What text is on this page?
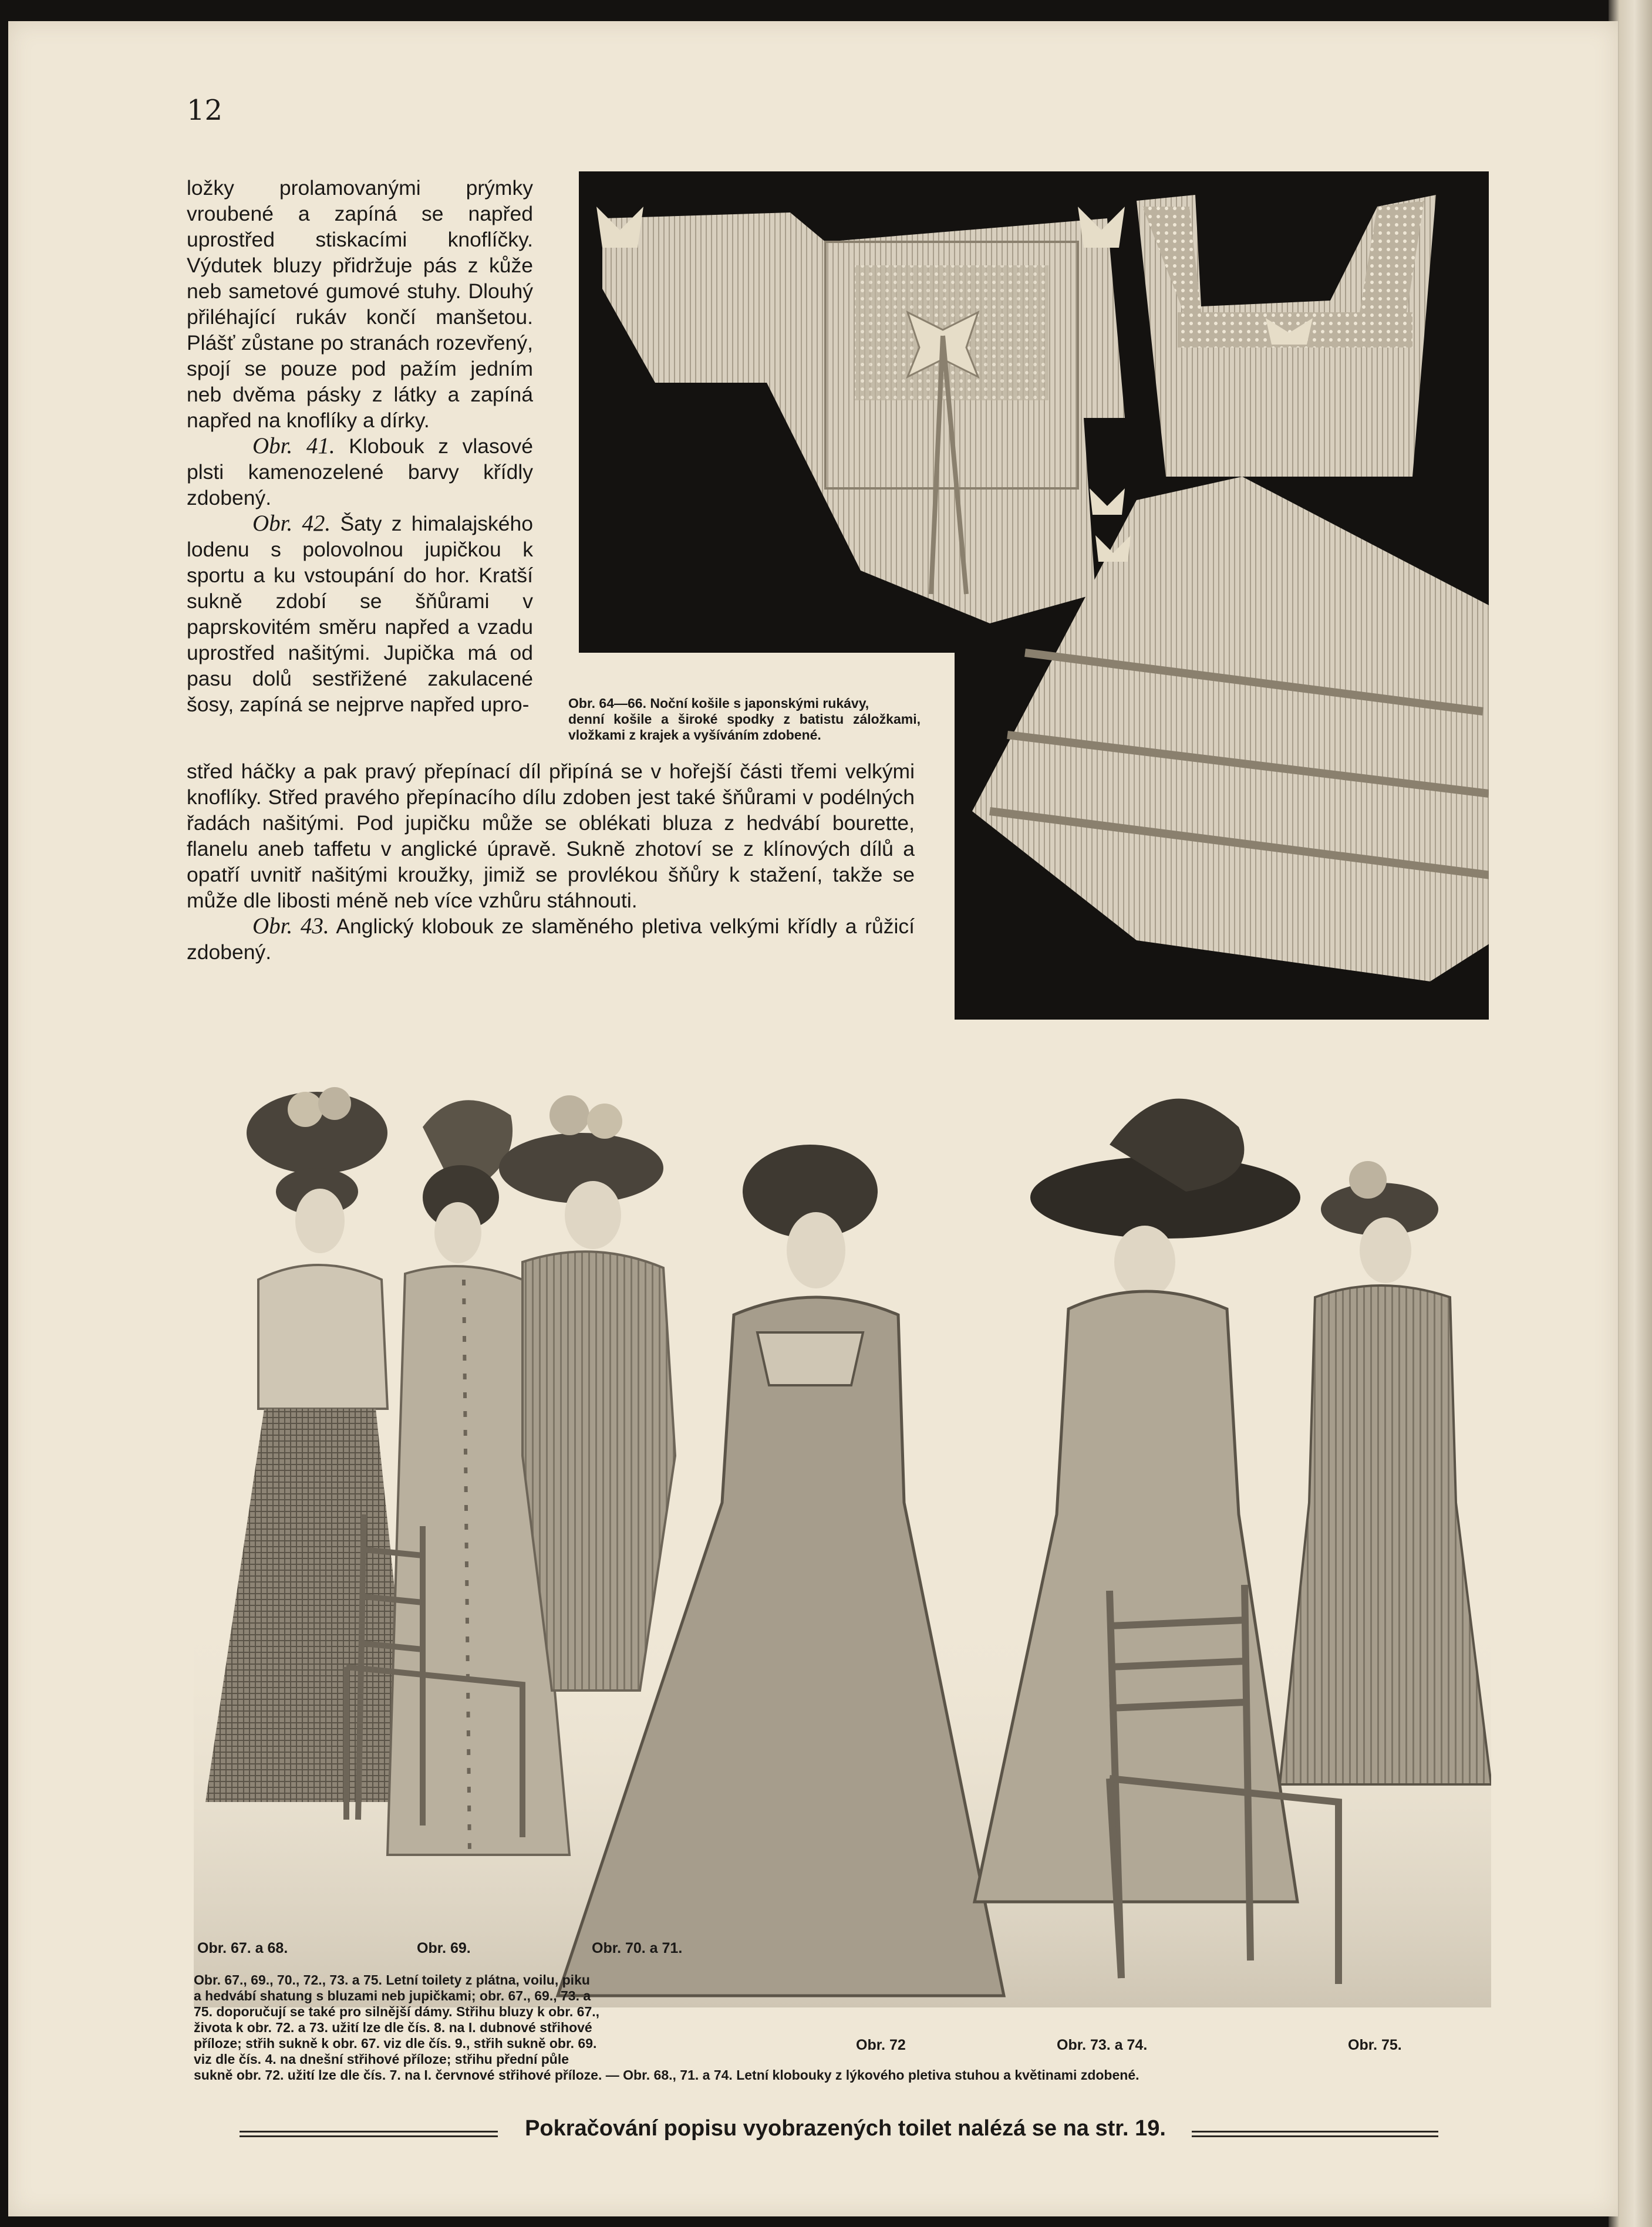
12

ložky prolamovanými prýmky vroubené a zapíná se napřed uprostřed stiskacími knoflíčky. Výdutek bluzy přidržuje pás z kůže neb sametové gumové stuhy. Dlouhý přiléhající rukáv končí manšetou. Plášť zůstane po stranách rozevřený, spojí se pouze pod pažím jedním neb dvěma pásky z látky a zapíná napřed na knoflíky a dírky.

Obr. 41. Klobouk z vlasové plsti kamenozelené barvy křídly zdobený.

Obr. 42. Šaty z himalajského lodenu s polovolnou jupičkou k sportu a ku vstoupání do hor. Kratší sukně zdobí se šňůrami v paprskovitém směru napřed a vzadu uprostřed našitými. Jupička má od pasu dolů sestřižené zakulacené šosy, zapíná se nejprve napřed upro-

střed háčky a pak pravý přepínací díl připíná se v hořejší části třemi velkými knoflíky. Střed pravého přepínacího dílu zdoben jest také šňůrami v podélných řadách našitými. Pod jupičku může se oblékati bluza z hedvábí bourette, flanelu aneb taffetu v anglické úpravě. Sukně zhotoví se z klínových dílů a opatří uvnitř našitými kroužky, jimiž se provlékou šňůry k stažení, takže se může dle libosti méně neb více vzhůru stáhnouti.

Obr. 43. Anglický klobouk ze slaměného pletiva velkými křídly a růžicí zdobený.

Obr. 64—66. Noční košile s japonskými rukávy,
denní košile a široké spodky z batistu záložkami, vložkami z krajek a vyšíváním zdobené.
Obr. 67. a 68.	Obr. 69.	Obr. 70. a 71.
Obr. 72	Obr. 73. a 74.	Obr. 75.
Obr. 67., 69., 70., 72., 73. a 75. Letní toilety z plátna, voilu, piku
a hedvábí shatung s bluzami neb jupičkami; obr. 67., 69., 73. a
75. doporučují se také pro silnější dámy. Střihu bluzy k obr. 67.,
života k obr. 72. a 73. užití lze dle čís. 8. na I. dubnové střihové
příloze; střih sukně k obr. 67. viz dle čís. 9., střih sukně obr. 69.
viz dle čís. 4. na dnešní střihové příloze; střihu přední půle
sukně obr. 72. užití lze dle čís. 7. na I. červnové střihové příloze. — Obr. 68., 71. a 74. Letní klobouky z lýkového pletiva stuhou a květinami zdobené.
Pokračování popisu vyobrazených toilet nalézá se na str. 19.
